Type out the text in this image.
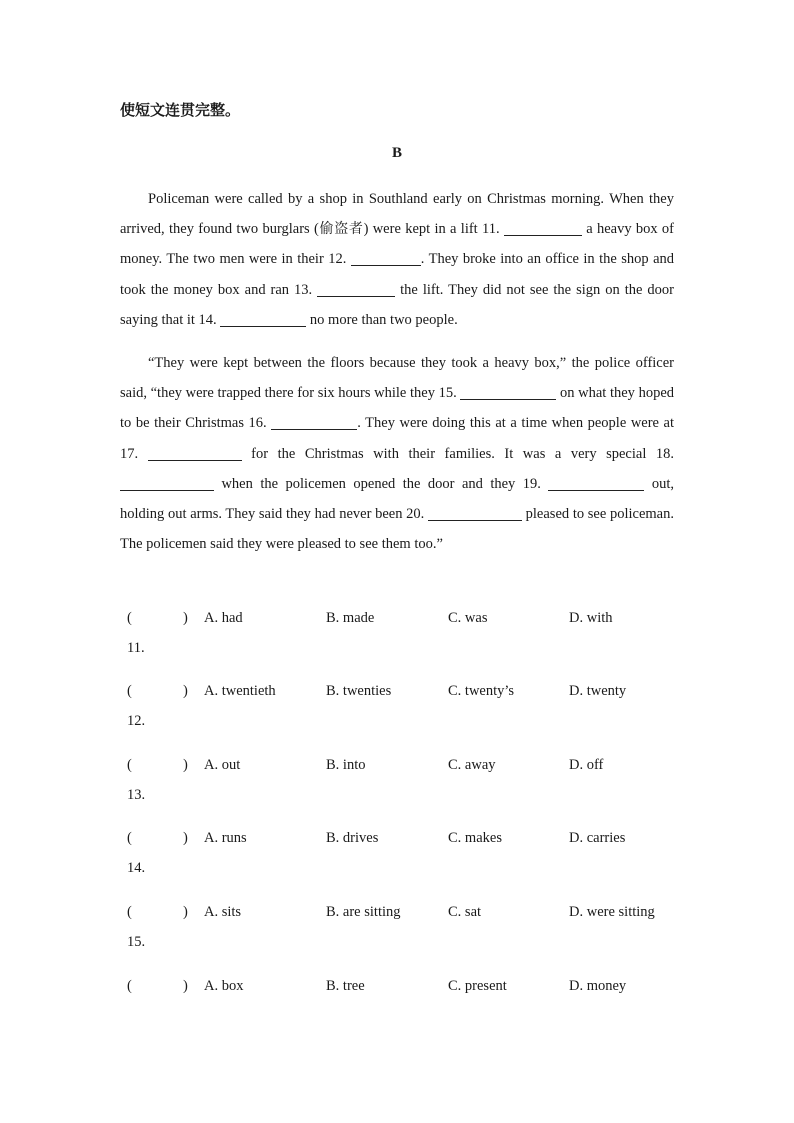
使短文连贯完整。
B

Policeman were called by a shop in Southland early on Christmas morning. When they arrived, they found two burglars (偷盗者) were kept in a lift 11.	a heavy box of money. The two men were in their 12.	. They broke into an office in the shop and took the money box and ran 13.	the lift. They did not see the sign on the door saying that it 14.	no more than two people.

“They were kept between the floors because they took a heavy box,” the police officer said, “they were trapped there for six hours while they 15.	on what they hoped to be their Christmas 16.	. They were doing this at a time when people were at 17.	for the Christmas with their families. It was a very special 18.  when the policemen opened the door and they 19.	out, holding out arms. They said they had never been 20.	pleased to see policeman. The policemen said they were pleased to see them too.”

(	) A. had	B. made	C. was	D. with
11.
(	) A. twentieth	B. twenties	C. twenty’s	D. twenty
12.
(	) A. out	B. into	C. away	D. off
13.
(	) A. runs	B. drives	C. makes	D. carries
14.
(	) A. sits	B. are sitting	C. sat	D. were sitting
15.
(	) A. box	B. tree	C. present	D. money
